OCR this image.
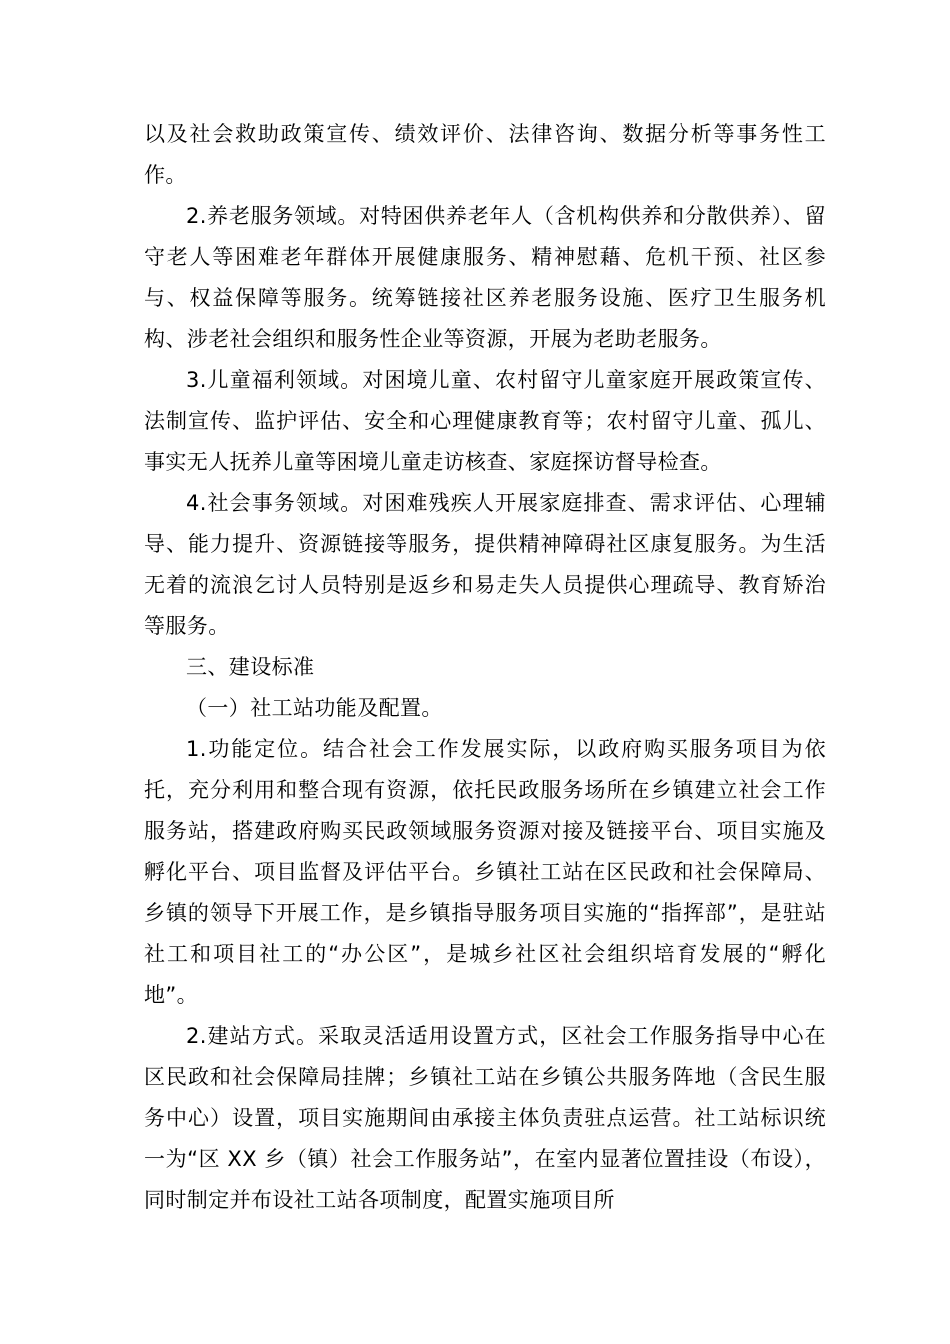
以及社会救助政策宣传、绩效评价、法律咨询、数据分析等事务性工作。

2.养老服务领域。对特困供养老年人（含机构供养和分散供养）、留守老人等困难老年群体开展健康服务、精神慰藉、危机干预、社区参与、权益保障等服务。统筹链接社区养老服务设施、医疗卫生服务机构、涉老社会组织和服务性企业等资源，开展为老助老服务。

3.儿童福利领域。对困境儿童、农村留守儿童家庭开展政策宣传、法制宣传、监护评估、安全和心理健康教育等；农村留守儿童、孤儿、事实无人抚养儿童等困境儿童走访核查、家庭探访督导检查。

4.社会事务领域。对困难残疾人开展家庭排查、需求评估、心理辅导、能力提升、资源链接等服务，提供精神障碍社区康复服务。为生活无着的流浪乞讨人员特别是返乡和易走失人员提供心理疏导、教育矫治等服务。

三、建设标准

（一）社工站功能及配置。

1.功能定位。结合社会工作发展实际，以政府购买服务项目为依托，充分利用和整合现有资源，依托民政服务场所在乡镇建立社会工作服务站，搭建政府购买民政领域服务资源对接及链接平台、项目实施及孵化平台、项目监督及评估平台。乡镇社工站在区民政和社会保障局、乡镇的领导下开展工作，是乡镇指导服务项目实施的“指挥部”，是驻站社工和项目社工的“办公区”，是城乡社区社会组织培育发展的“孵化地”。

2.建站方式。采取灵活适用设置方式，区社会工作服务指导中心在区民政和社会保障局挂牌；乡镇社工站在乡镇公共服务阵地（含民生服务中心）设置，项目实施期间由承接主体负责驻点运营。社工站标识统一为“区 XX 乡（镇）社会工作服务站”，在室内显著位置挂设（布设），同时制定并布设社工站各项制度，配置实施项目所
